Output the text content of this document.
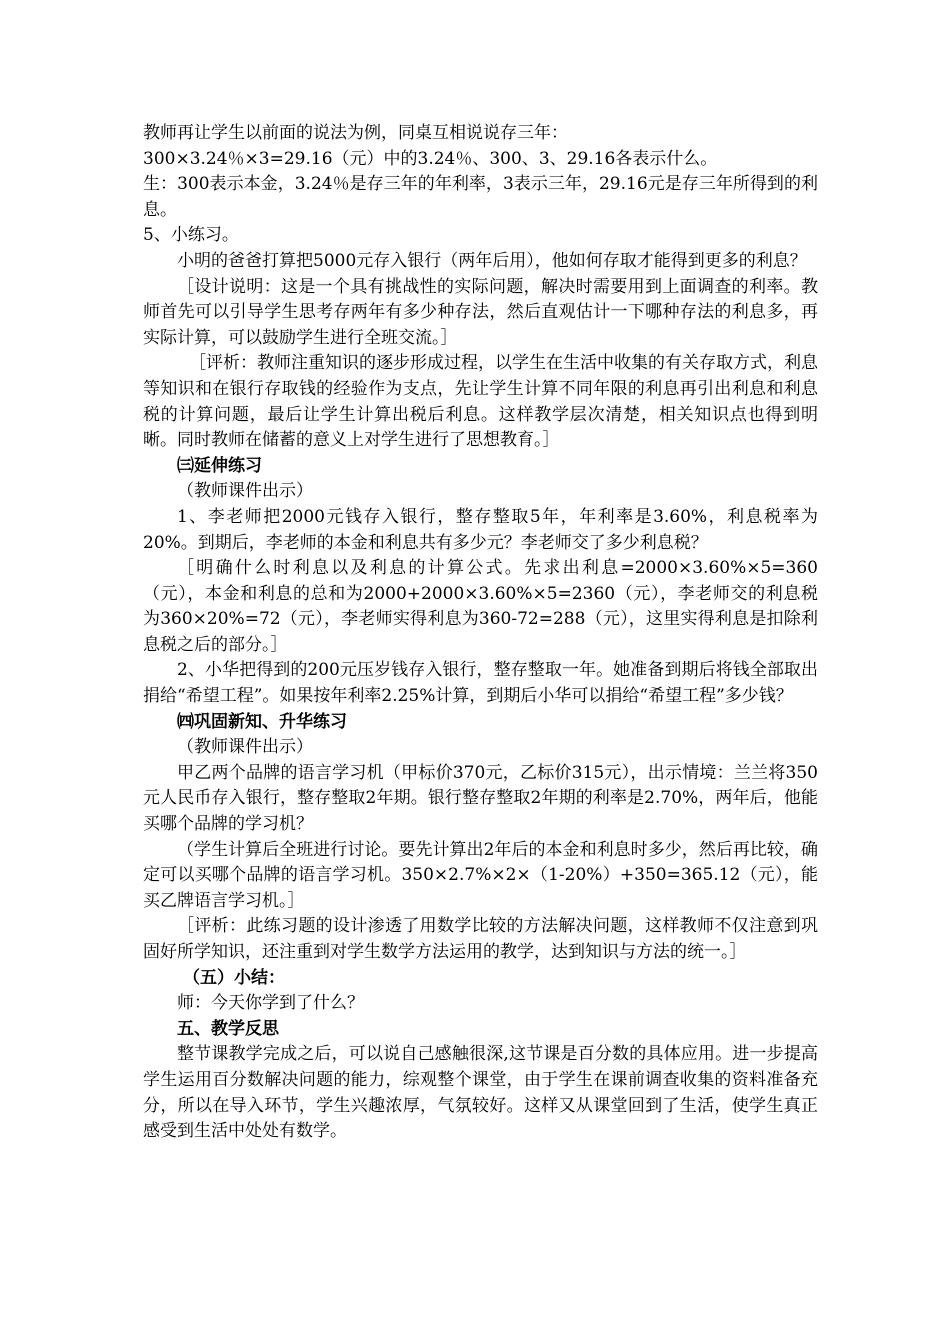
教师再让学生以前面的说法为例，同桌互相说说存三年：

300×3.24％×3=29.16（元）中的3.24％、300、3、29.16各表示什么。

生：300表示本金，3.24％是存三年的年利率，3表示三年，29.16元是存三年所得到的利息。

5、小练习。

小明的爸爸打算把5000元存入银行（两年后用），他如何存取才能得到更多的利息？

［设计说明：这是一个具有挑战性的实际问题，解决时需要用到上面调查的利率。教师首先可以引导学生思考存两年有多少种存法，然后直观估计一下哪种存法的利息多，再实际计算，可以鼓励学生进行全班交流。］

［评析：教师注重知识的逐步形成过程，以学生在生活中收集的有关存取方式，利息等知识和在银行存取钱的经验作为支点，先让学生计算不同年限的利息再引出利息和利息税的计算问题，最后让学生计算出税后利息。这样教学层次清楚，相关知识点也得到明晰。同时教师在储蓄的意义上对学生进行了思想教育。］

㈢延伸练习

（教师课件出示）

1、李老师把2000元钱存入银行，整存整取5年，年利率是3.60%，利息税率为20%。到期后，李老师的本金和利息共有多少元？李老师交了多少利息税？

［明确什么时利息以及利息的计算公式。先求出利息=2000×3.60%×5=360（元），本金和利息的总和为2000+2000×3.60%×5=2360（元），李老师交的利息税为360×20%=72（元），李老师实得利息为360-72=288（元），这里实得利息是扣除利息税之后的部分。］

2、小华把得到的200元压岁钱存入银行，整存整取一年。她准备到期后将钱全部取出捐给“希望工程”。如果按年利率2.25%计算，到期后小华可以捐给“希望工程”多少钱？

㈣巩固新知、升华练习

（教师课件出示）

甲乙两个品牌的语言学习机（甲标价370元，乙标价315元），出示情境：兰兰将350元人民币存入银行，整存整取2年期。银行整存整取2年期的利率是2.70%，两年后，他能买哪个品牌的学习机？

（学生计算后全班进行讨论。要先计算出2年后的本金和利息时多少，然后再比较，确定可以买哪个品牌的语言学习机。350×2.7%×2×（1-20%）+350=365.12（元），能买乙牌语言学习机。］

［评析：此练习题的设计渗透了用数学比较的方法解决问题，这样教师不仅注意到巩固好所学知识，还注重到对学生数学方法运用的教学，达到知识与方法的统一。］

（五）小结：

师：今天你学到了什么？

五、教学反思

整节课教学完成之后，可以说自己感触很深,这节课是百分数的具体应用。进一步提高学生运用百分数解决问题的能力，综观整个课堂，由于学生在课前调查收集的资料准备充分，所以在导入环节，学生兴趣浓厚，气氛较好。这样又从课堂回到了生活，使学生真正感受到生活中处处有数学。
